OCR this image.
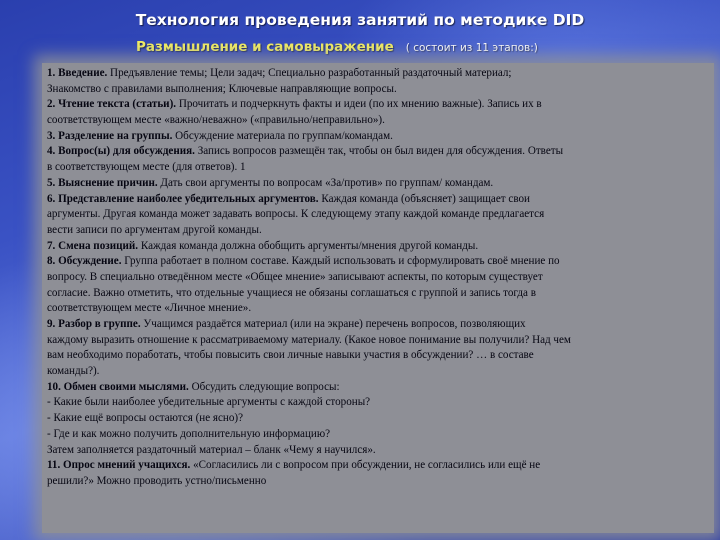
Технология проведения занятий по методике DID
Размышление и самовыражение ( состоит из 11 этапов:)
1. Введение. Предъявление темы; Цели задач; Специально разработанный раздаточный материал;
Знакомство с правилами выполнения; Ключевые направляющие вопросы.
2. Чтение текста (статьи). Прочитать и подчеркнуть факты и идеи (по их мнению важные). Запись их в
соответствующем месте «важно/неважно» («правильно/неправильно»).
3. Разделение на группы. Обсуждение материала по группам/командам.
4. Вопрос(ы) для обсуждения. Запись вопросов размещён так, чтобы он был виден для обсуждения. Ответы
в соответствующем месте (для ответов). 1
5. Выяснение причин. Дать свои аргументы по вопросам «За/против» по группам/ командам.
6. Представление наиболее убедительных аргументов. Каждая команда (объясняет) защищает свои
аргументы. Другая команда может задавать вопросы. К следующему этапу каждой команде предлагается
вести записи по аргументам другой команды.
7. Смена позиций. Каждая команда должна обобщить аргументы/мнения другой команды.
8. Обсуждение. Группа работает в полном составе. Каждый использовать и сформулировать своё мнение по
вопросу. В специально отведённом месте «Общее мнение» записывают аспекты, по которым существует
согласие. Важно отметить, что отдельные учащиеся не обязаны соглашаться с группой и запись тогда в
соответствующем месте «Личное мнение».
9. Разбор в группе. Учащимся раздаётся материал (или на экране) перечень вопросов, позволяющих
каждому выразить отношение к рассматриваемому материалу. (Какое новое понимание вы получили? Над чем
вам необходимо поработать, чтобы повысить свои личные навыки участия в обсуждении? … в составе
команды?).
10. Обмен своими мыслями. Обсудить следующие вопросы:
- Какие были наиболее убедительные аргументы с каждой стороны?
- Какие ещё вопросы остаются (не ясно)?
- Где и как можно получить дополнительную информацию?
Затем заполняется раздаточный материал – бланк «Чему я научился».
11. Опрос мнений учащихся. «Согласились ли с вопросом при обсуждении, не согласились или ещё не
решили?» Можно проводить устно/письменно
